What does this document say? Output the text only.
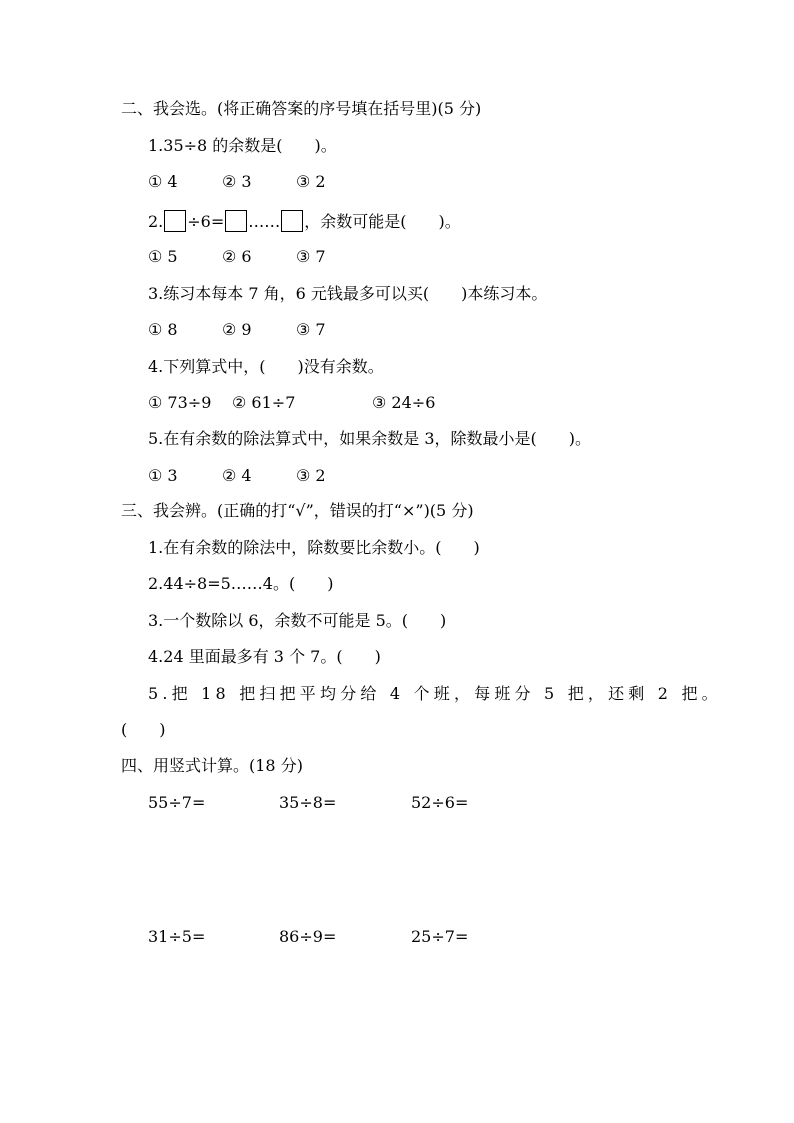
二、我会选。(将正确答案的序号填在括号里)(5 分)
1.35÷8 的余数是(　　)。
① 4	② 3	③ 2
2. ÷6= …… ，余数可能是(　　)。
① 5	② 6	③ 7
3.练习本每本 7 角，6 元钱最多可以买(　　)本练习本。
① 8	② 9	③ 7
4.下列算式中，(　　)没有余数。
① 73÷9 ② 61÷7	③ 24÷6
5.在有余数的除法算式中，如果余数是 3，除数最小是(　　)。
① 3	② 4	③ 2
三、我会辨。(正确的打“√”，错误的打“×”)(5 分)
1.在有余数的除法中，除数要比余数小。(　　)
2.44÷8=5……4。(　　)
3.一个数除以 6，余数不可能是 5。(　　)
4.24 里面最多有 3 个 7。(　　)
5.把 18 把扫把平均分给 4 个班，每班分 5 把，还剩 2 把。
(　　)
四、用竖式计算。(18 分)
55÷7=	35÷8=	52÷6=
31÷5=	86÷9=	25÷7=
